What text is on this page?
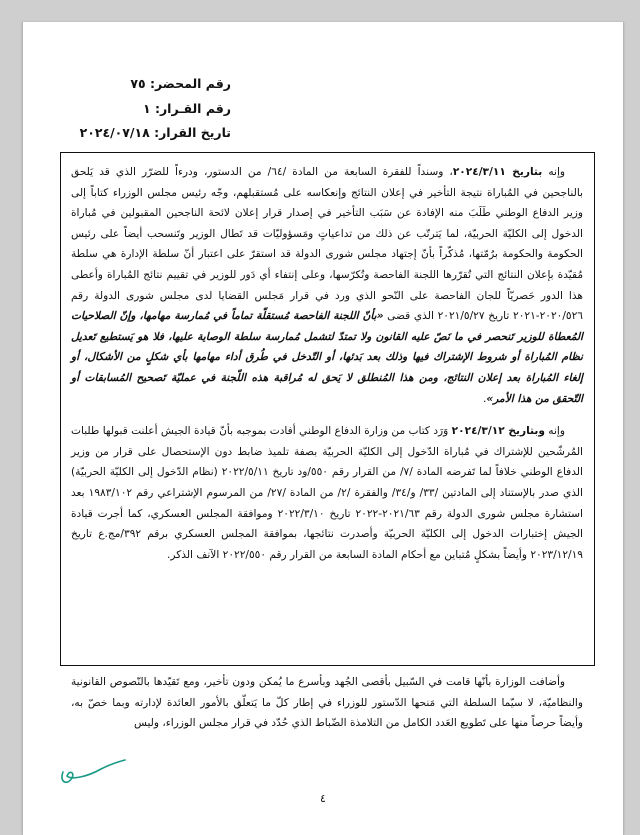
رقم المحضر: ٧٥
رقم القـرار: ١
تاريخ القرار: ٢٠٢٤/٠٧/١٨

وإنه بتاريخ ٢٠٢٤/٣/١١، وسنداً للفقرة السابعة من المادة /٦٤/ من الدستور، ودرءاً للضرّر الذي قد يَلحق بالناجحين في المُباراة نتيجة التأخير في إعلان النتائج وإنعكاسه على مُستقبلهم، وجّه رئيس مجلس الوزراء كتاباً إلى وزير الدفاع الوطني طَلَبَ منه الإفادة عن سَبَب التأخير في إصدار قرار إعلان لائحة الناجحين المقبولين في مُباراة الدخول إلى الكليّة الحربيّة، لما يَترتّب عن ذلك من تداعياتٍ ومَسؤوليّات قد تَطال الوزير وتَنسحب أيضاً على رئيس الحكومة والحكومة برُمّتها، مُذكّراً بأنّ إجتهاد مجلس شورى الدولة قد استقرّ على اعتبار أنّ سلطة الإدارة هي سلطة مُقيّدة بإعلان النتائج التي تُقرّرها اللجنة الفاحصة وتُكرّسها، وعلى إنتفاء أي دَور للوزير في تقييم نتائج المُباراة وأعطى هذا الدور حَصريّاً للجان الفاحصة على النّحو الذي ورد في قرار مَجلس القضايا لدى مجلس شورى الدولة رقم ٢٠٢٠/٥٢٦-٢٠٢١ تاريخ ٢٠٢١/٥/٢٧ الذي قضى «بأنّ اللجنة الفاحصة مُستقلّة تماماً في مُمارسة مهامها، وإنّ الصلاحيات المُعطاة للوزير تَنحصر في ما نَصّ عليه القانون ولا تمتدّ لتشمل مُمارسة سلطة الوصاية عليها، فلا هو يَستطيع تَعديل نظام المُباراة أو شروط الإشتراك فيها وذلك بعد بَدئها، أو التّدخل في طُرق أداء مهامها بأي شكلٍ من الأشكال، أو إلغاء المُباراة بعد إعلان النتائج، ومن هذا المُنطلق لا يَحق له مُراقبة هذه اللّجنة في عمليّة تَصحيح المُسابقات أو التّحقق من هذا الأمر».

وإنه وبتاريخ ٢٠٢٤/٣/١٢ وَرَد كتاب من وزارة الدفاع الوطني أفادت بموجبه بأنّ قيادة الجيش أعلنت قبولها طلبات المُرشّحين للإشتراك في مُباراة الدّخول إلى الكليّة الحربيّة بصفة تلميذ ضابط دون الإستحصال على قرار من وزير الدفاع الوطني خلافاً لما تَفرضه المادة /٧/ من القرار رقم ٥٥٠/ود تاريخ ٢٠٢٢/٥/١١ (نظام الدّخول إلى الكليّة الحربيّة) الذي صدر بالإستناد إلى المادتين /٣٣/ و/٣٤/ والفقرة /٢/ من المادة /٢٧/ من المرسوم الإشتراعي رقم ١٩٨٣/١٠٢ بعد استشارة مجلس شورى الدولة رقم ٢٠٢١/٦٣-٢٠٢٢ تاريخ ٢٠٢٢/٣/١٠ وموافقة المجلس العسكري، كما أجرت قيادة الجيش إختبارات الدخول إلى الكليّة الحربيّة وأصدرت نتائجها، بموافقة المجلس العسكري برقم ٣٩٢/مج.ع تاريخ ٢٠٢٣/١٢/١٩ وأيضاً بشكلٍ مُتباين مع أحكام المادة السابعة من القرار رقم ٢٠٢٢/٥٥٠ الآنف الذكر.

وأضافت الوزارة بأنّها قامت في السّبيل بأقصى الجُهد وبأسرع ما يُمكن ودون تأخير، ومع تَقيّدها بالنّصوص القانونية والنظاميّة، لا سيّما السلطة التي مَنحها الدّستور للوزراء في إطار كلّ ما يَتعلّق بالأمور العائدة لإدارته وبما خصّ به، وأيضاً حرصاً منها على تَطويع العَدد الكامل من التلامذة الضّباط الذي حُدّد في قرار مجلس الوزراء، وليس

٤
